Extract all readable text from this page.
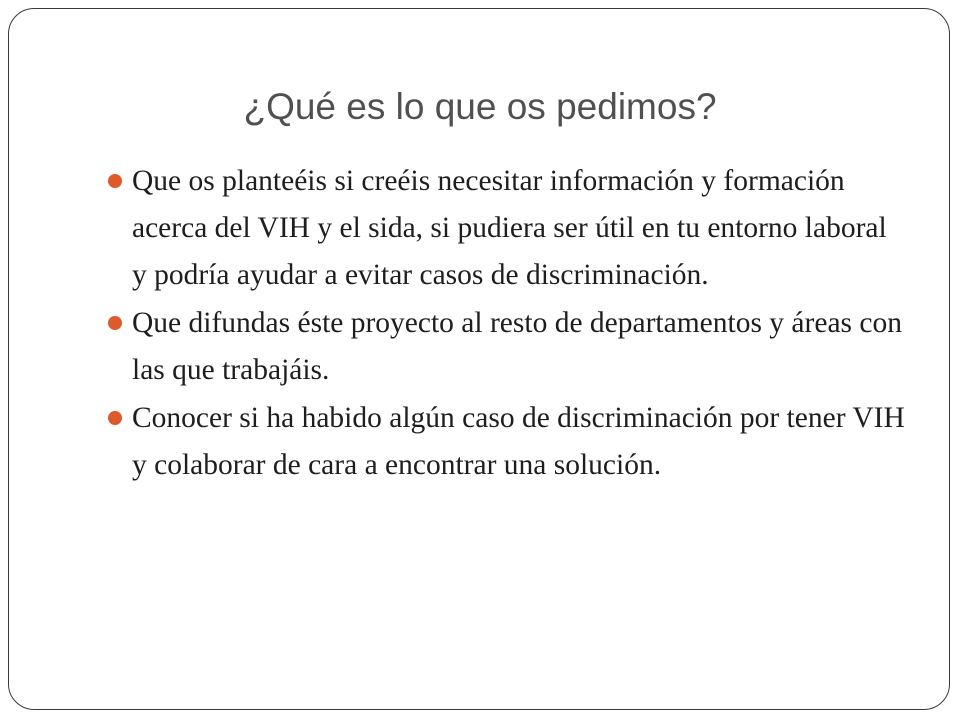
¿Qué es lo que os pedimos?
Que os planteéis si creéis necesitar información y formación acerca del VIH y el sida, si pudiera ser útil en tu entorno laboral y podría ayudar a evitar casos de discriminación.
Que difundas éste proyecto al resto de departamentos y áreas con las que trabajáis.
Conocer si ha habido algún caso de discriminación por tener VIH y colaborar de cara a encontrar una solución.
